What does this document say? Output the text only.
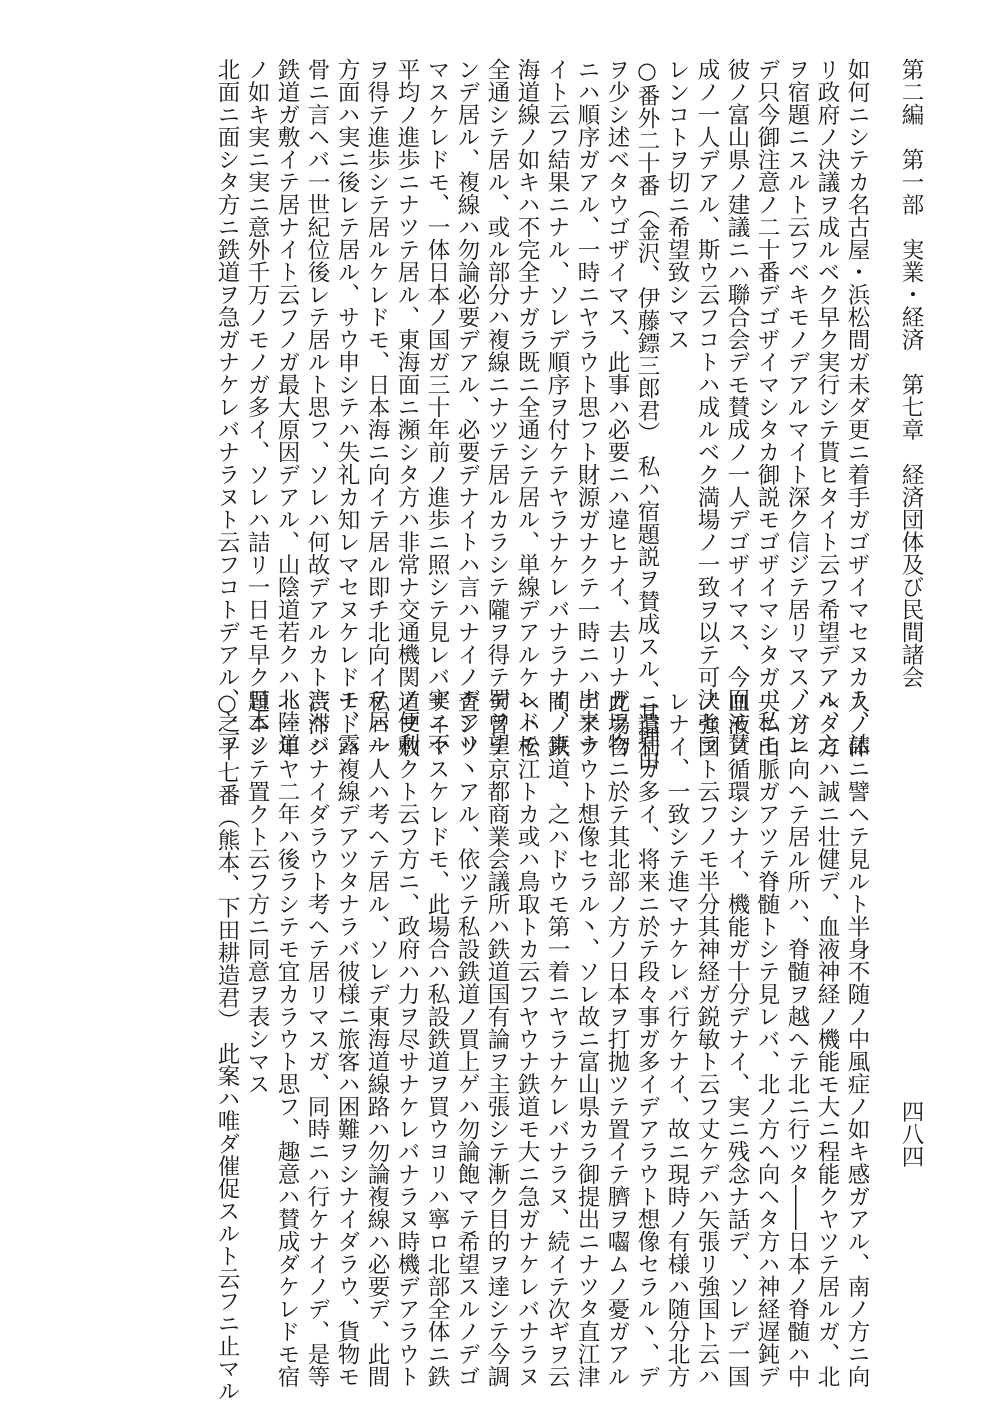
第二編　第一部　実業・経済　第七章　経済団体及び民間諸会
四八四
如何ニシテカ名古屋・浜松間ガ未ダ更ニ着手ガゴザイマセヌカラ、詰
リ政府ノ決議ヲ成ルベク早ク実行シテ貰ヒタイト云フ希望デアル、之
ヲ宿題ニスルト云フベキモノデアルマイト深ク信ジテ居リマス、ソレ
デ只今御注意ノ二十番デゴザイマシタカ御説モゴザイマシタガ、私モ
彼ノ富山県ノ建議ニハ聯合会デモ賛成ノ一人デゴザイマス、今回モ賛
成ノ一人デアル、斯ウ云フコトハ成ルベク満場ノ一致ヲ以テ可決セラ
レンコトヲ切ニ希望致シマス
○番外二十番（金沢、伊藤鏢三郎君）　私ハ宿題説ヲ賛成スル、其理由
ヲ少シ述ベタウゴザイマス、此事ハ必要ニハ違ヒナイ、去リナガラ物
ニハ順序ガアル、一時ニヤラウト思フト財源ガナクテ一時ニハ出来ナ
イト云フ結果ニナル、ソレデ順序ヲ付ケテヤラナケレバナラナイ、東
海道線ノ如キハ不完全ナガラ既ニ全通シテ居ル、単線デアルケレドモ
全通シテ居ル、或ル部分ハ複線ニナツテ居ルカラシテ隴ヲ得テ蜀ヲ望
ンデ居ル、複線ハ勿論必要デアル、必要デナイトハ言ハナイノデアリ
マスケレドモ、一体日本ノ国ガ三十年前ノ進歩ニ照シテ見レバ実ニ不
平均ノ進歩ニナツテ居ル、東海面ニ瀕シタ方ハ非常ナ交通機関ノ便利
ヲ得テ進歩シテ居ルケレドモ、日本海ニ向イテ居ル即チ北向イテ居ル
方面ハ実ニ後レテ居ル、サウ申シテハ失礼カ知レマセヌケレドモ、露
骨ニ言ヘバ一世紀位後レテ居ルト思フ、ソレハ何故デアルカト言ヘバ
鉄道ガ敷イテ居ナイト云フノガ最大原因デアル、山陰道若クハ北陸道
ノ如キ実ニ実ニ意外千万ノモノガ多イ、ソレハ詰リ一日モ早ク日本ノ
北面ニ面シタ方ニ鉄道ヲ急ガナケレバナラヌト云フコトデアル、之ヲ
人ノ体ニ譬ヘテ見ルト半身不随ノ中風症ノ如キ感ガアル、南ノ方ニ向
ヘタ方ハ誠ニ壮健デ、血液神経ノ機能モ大ニ程能クヤツテ居ルガ、北
ノ方ニ向ヘテ居ル所ハ、脊髄ヲ越ヘテ北ニ行ツタ――日本ノ脊髄ハ中
央ニ山脈ガアツテ脊髄トシテ見レバ、北ノ方ヘ向ヘタ方ハ神経遅鈍デ
血液ノ循環シナイ、機能ガ十分デナイ、実ニ残念ナ話デ、ソレデ一国
ノ強国ト云フノモ半分其神経ガ鋭敏ト云フ丈ケデハ矢張リ強国ト云ハ
レナイ、一致シテ進マナケレバ行ケナイ、故ニ現時ノ有様ハ随分北方
ニ遺利ガ多イ、将来ニ於テ段々事ガ多イデアラウト想像セラル丶、デ
此場合ニ於テ其北部ノ方ノ日本ヲ打拋ツテ置イテ臍ヲ囓ムノ憂ガアル
デアラウト想像セラル丶、ソレ故ニ富山県カラ御提出ニナツタ直江津
間ノ鉄道、之ハドウモ第一着ニヤラナケレバナラヌ、続イテ次ギヲ云
ヘハ松江トカ或ハ鳥取トカ云フヤウナ鉄道モ大ニ急ガナケレバナラヌ
デ曾テ京都商業会議所ハ鉄道国有論ヲ主張シテ漸ク目的ヲ達シテ今調
査シツ丶アル、依ツテ私設鉄道ノ買上ゲハ勿論飽マテ希望スルノデゴ
ザイマスケレドモ、此場合ハ私設鉄道ヲ買ウヨリハ寧ロ北部全体ニ鉄
道ヲ敷クト云フ方ニ、政府ハ力ヲ尽サナケレバナラヌ時機デアラウト
私ハ一人ハ考ヘテ居ル、ソレデ東海道線路ハ勿論複線ハ必要デ、此間
ナドハ複線デアツタナラバ彼様ニ旅客ハ困難ヲシナイダラウ、貨物モ
渋滞シナイダラウト考ヘテ居リマスガ、同時ニハ行ケナイノデ、是等
ハ一年ヤ二年ハ後ラシテモ宜カラウト思フ、趣意ハ賛成ダケレドモ宿
題ニシテ置クト云フ方ニ同意ヲ表シマス
○二十七番（熊本、下田耕造君）　此案ハ唯ダ催促スルト云フニ止マル
